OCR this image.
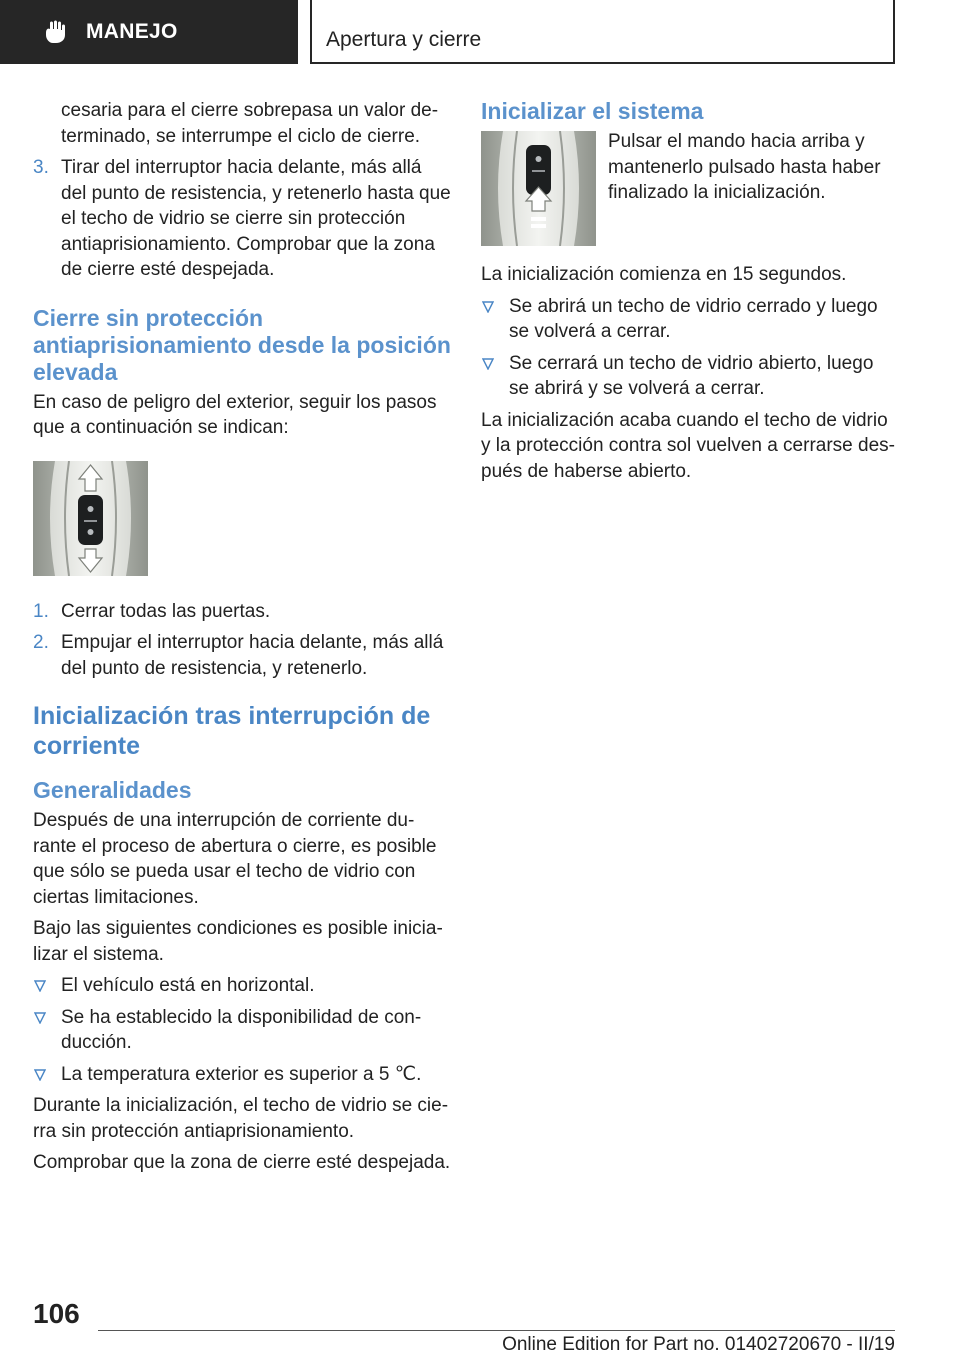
MANEJO	Apertura y cierre

cesaria para el cierre sobrepasa un valor determinado, se interrumpe el ciclo de cierre.

3. Tirar del interruptor hacia delante, más allá del punto de resistencia, y retenerlo hasta que el techo de vidrio se cierre sin protección antiaprisionamiento. Comprobar que la zona de cierre esté despejada.
Cierre sin protección antiaprisionamiento desde la posición elevada

En caso de peligro del exterior, seguir los pasos que a continuación se indican:

1. Cerrar todas las puertas.
2. Empujar el interruptor hacia delante, más allá del punto de resistencia, y retenerlo.
Inicialización tras interrupción de corriente
Generalidades

Después de una interrupción de corriente durante el proceso de abertura o cierre, es posible que sólo se pueda usar el techo de vidrio con ciertas limitaciones.

Bajo las siguientes condiciones es posible inicializar el sistema.

El vehículo está en horizontal.
Se ha establecido la disponibilidad de conducción.
La temperatura exterior es superior a 5 ℃.

Durante la inicialización, el techo de vidrio se cierra sin protección antiaprisionamiento.

Comprobar que la zona de cierre esté despejada.

Inicializar el sistema

Pulsar el mando hacia arriba y mantenerlo pulsado hasta haber finalizado la inicialización.

La inicialización comienza en 15 segundos.

Se abrirá un techo de vidrio cerrado y luego se volverá a cerrar.
Se cerrará un techo de vidrio abierto, luego se abrirá y se volverá a cerrar.

La inicialización acaba cuando el techo de vidrio y la protección contra sol vuelven a cerrarse después de haberse abierto.

106
Online Edition for Part no. 01402720670 - II/19
